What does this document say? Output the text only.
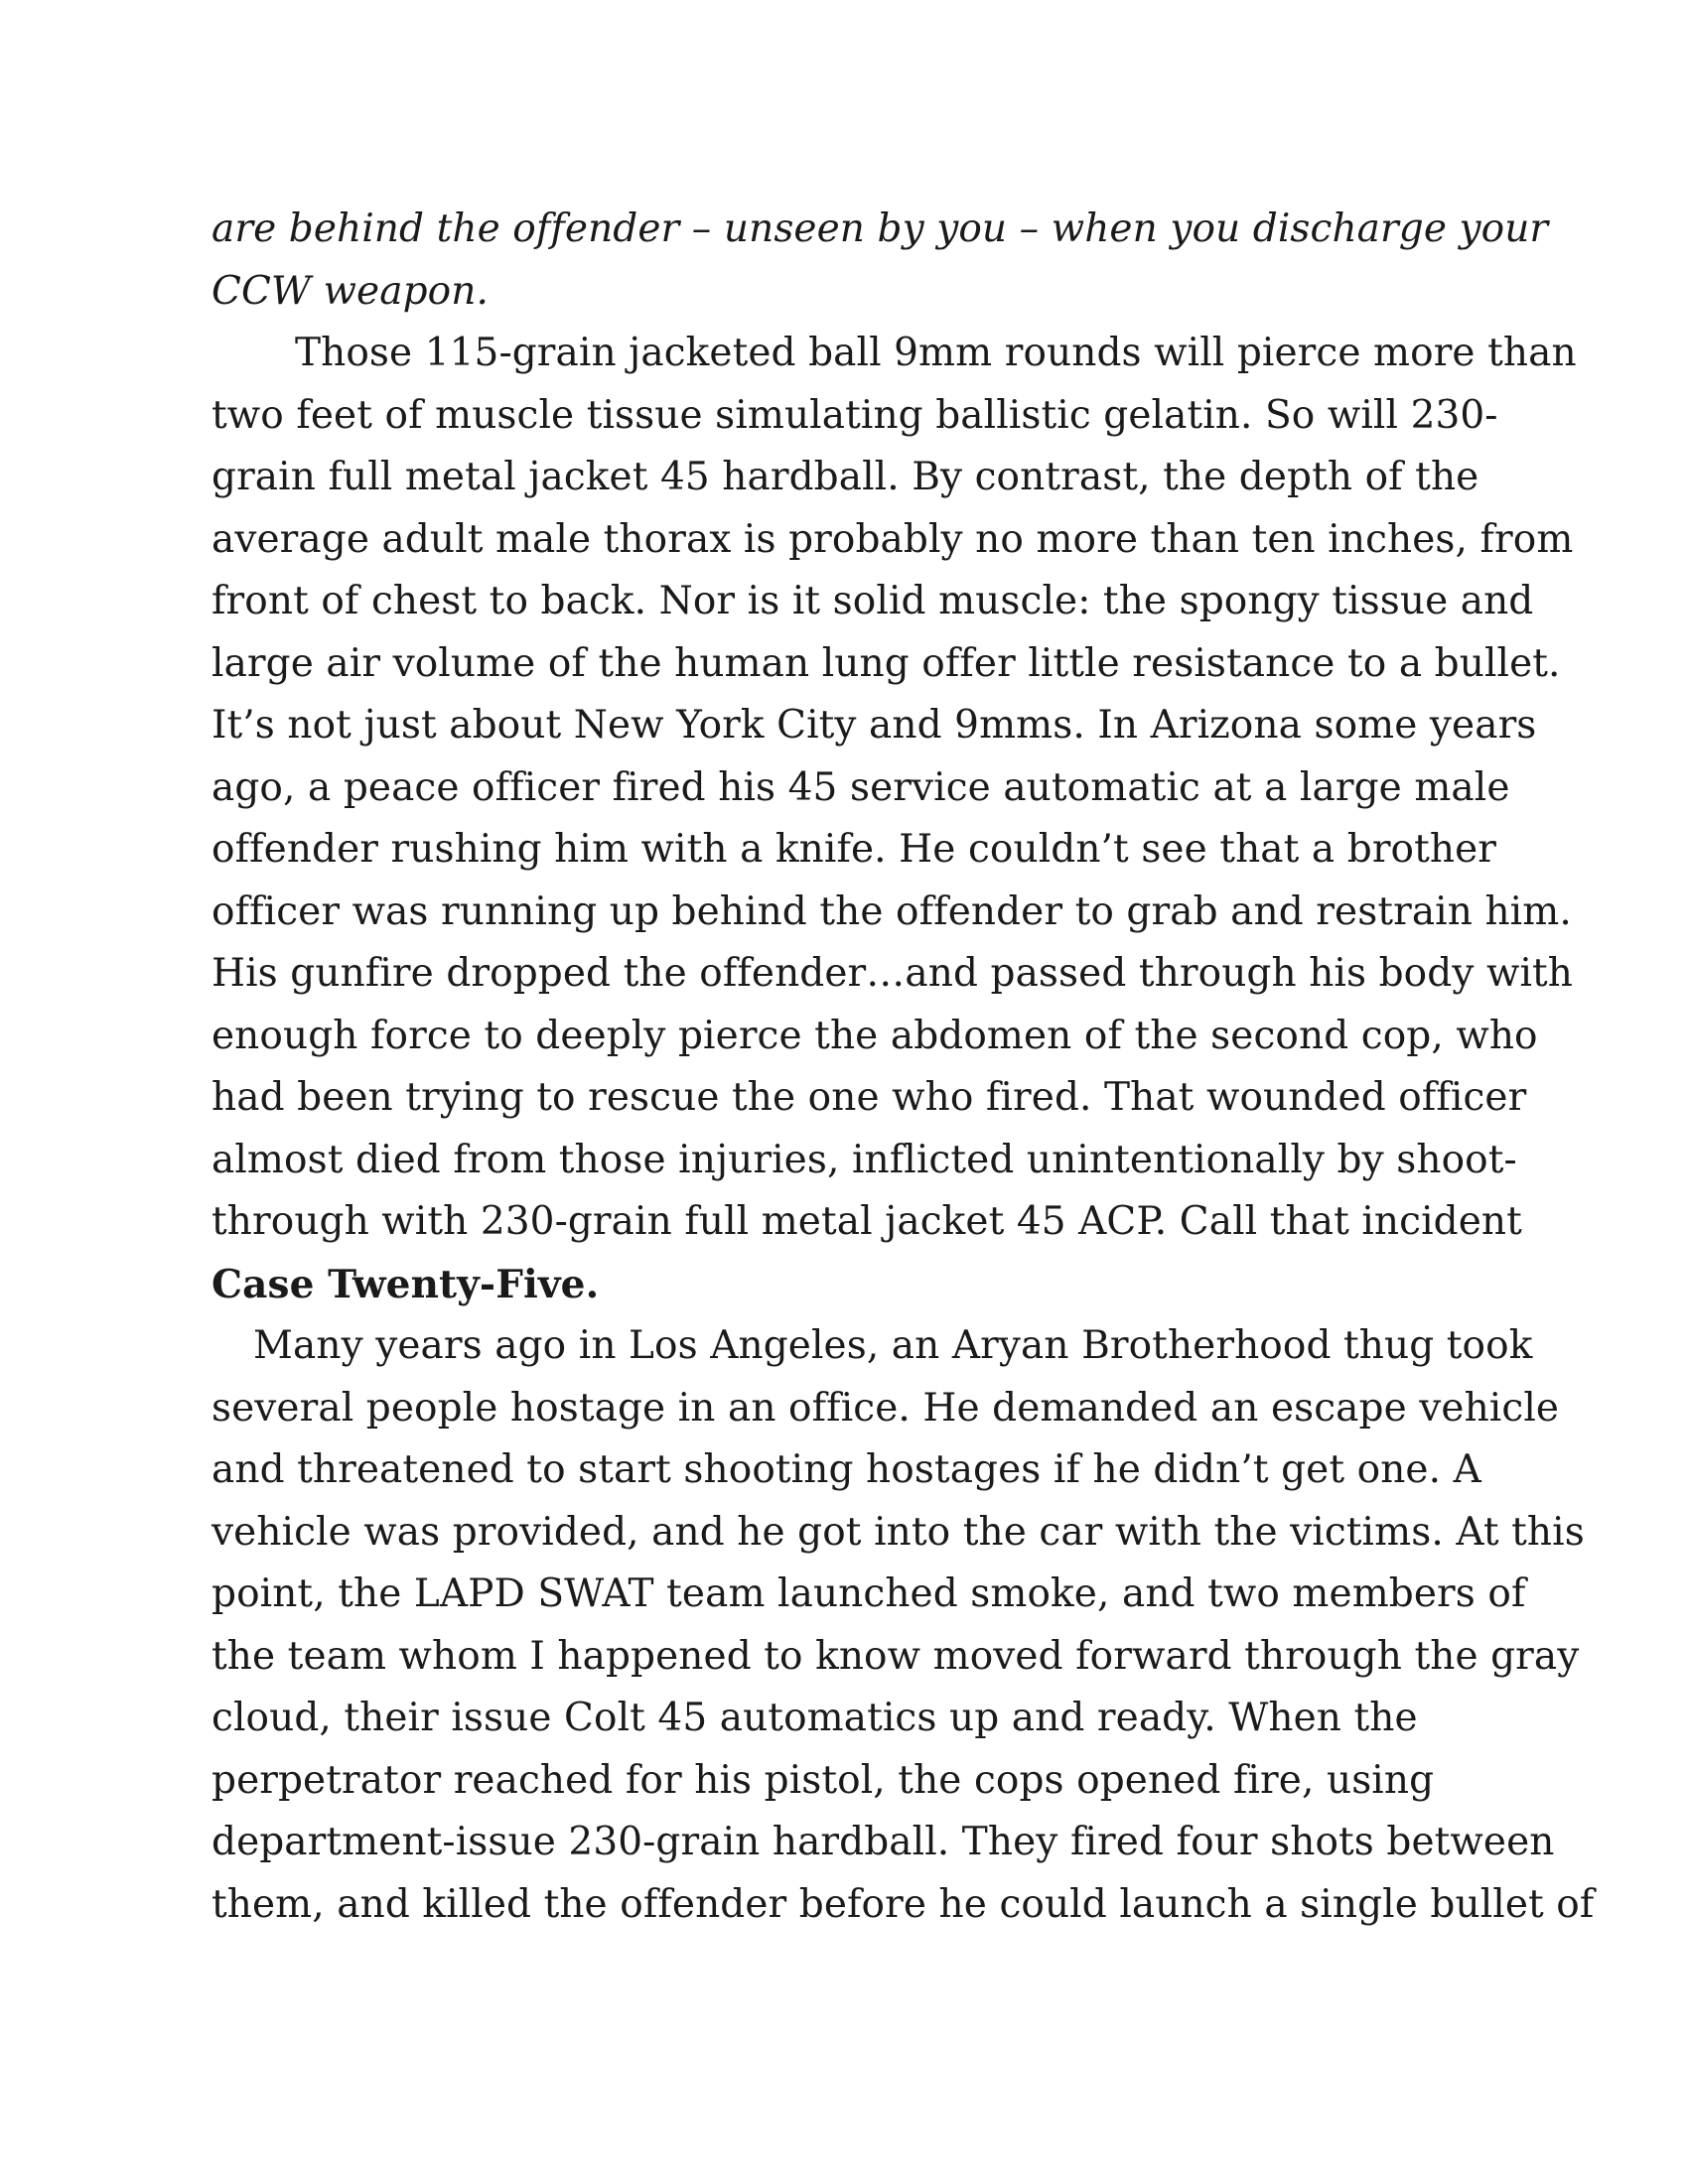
are behind the offender – unseen by you – when you discharge your
CCW weapon.

Those 115-grain jacketed ball 9mm rounds will pierce more than
two feet of muscle tissue simulating ballistic gelatin. So will 230-
grain full metal jacket 45 hardball. By contrast, the depth of the
average adult male thorax is probably no more than ten inches, from
front of chest to back. Nor is it solid muscle: the spongy tissue and
large air volume of the human lung offer little resistance to a bullet.
It’s not just about New York City and 9mms. In Arizona some years
ago, a peace officer fired his 45 service automatic at a large male
offender rushing him with a knife. He couldn’t see that a brother
officer was running up behind the offender to grab and restrain him.
His gunfire dropped the offender…and passed through his body with
enough force to deeply pierce the abdomen of the second cop, who
had been trying to rescue the one who fired. That wounded officer
almost died from those injuries, inflicted unintentionally by shoot-
through with 230-grain full metal jacket 45 ACP. Call that incident
Case Twenty-Five.

Many years ago in Los Angeles, an Aryan Brotherhood thug took
several people hostage in an office. He demanded an escape vehicle
and threatened to start shooting hostages if he didn’t get one. A
vehicle was provided, and he got into the car with the victims. At this
point, the LAPD SWAT team launched smoke, and two members of
the team whom I happened to know moved forward through the gray
cloud, their issue Colt 45 automatics up and ready. When the
perpetrator reached for his pistol, the cops opened fire, using
department-issue 230-grain hardball. They fired four shots between
them, and killed the offender before he could launch a single bullet of
